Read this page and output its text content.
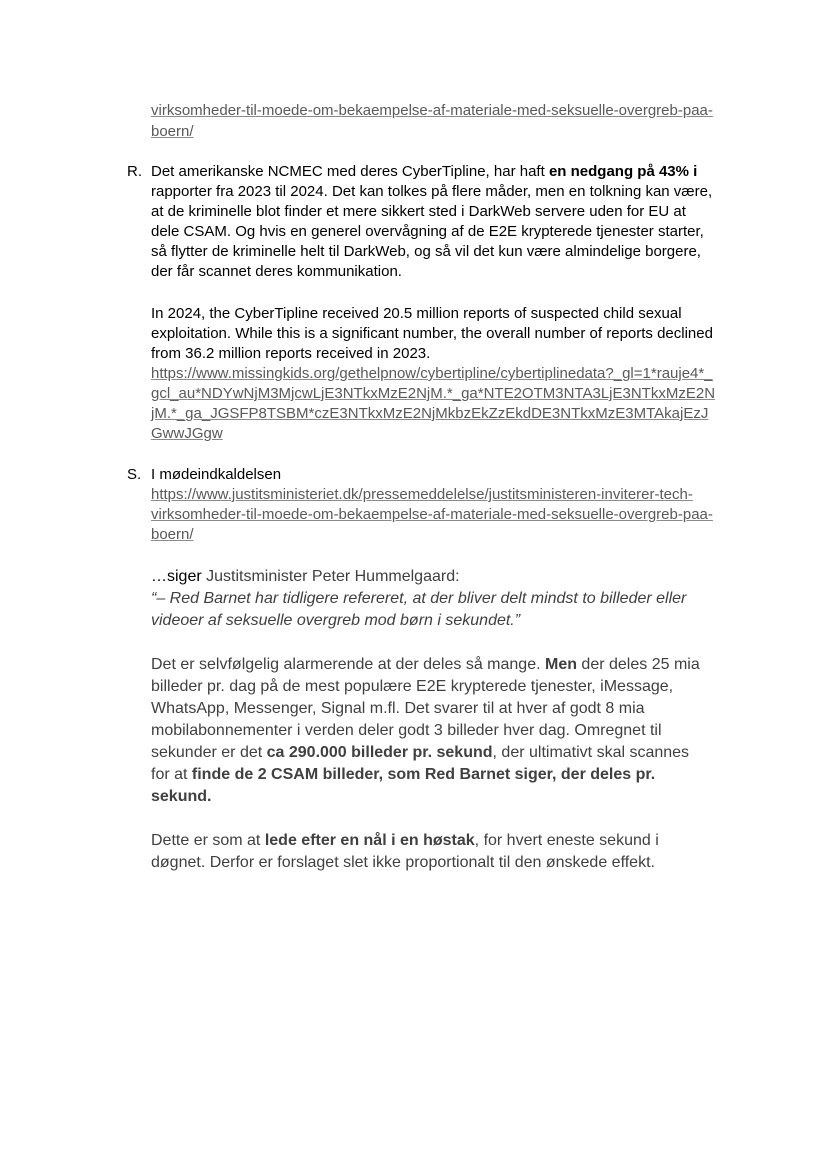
virksomheder-til-moede-om-bekaempelse-af-materiale-med-seksuelle-overgreb-paa-
boern/
R. Det amerikanske NCMEC med deres CyberTipline, har haft en nedgang på 43% i
rapporter fra 2023 til 2024. Det kan tolkes på flere måder, men en tolkning kan være,
at de kriminelle blot finder et mere sikkert sted i DarkWeb servere uden for EU at
dele CSAM. Og hvis en generel overvågning af de E2E krypterede tjenester starter,
så flytter de kriminelle helt til DarkWeb, og så vil det kun være almindelige borgere,
der får scannet deres kommunikation.
In 2024, the CyberTipline received 20.5 million reports of suspected child sexual
exploitation. While this is a significant number, the overall number of reports declined
from 36.2 million reports received in 2023.
https://www.missingkids.org/gethelpnow/cybertipline/cybertiplinedata?_gl=1*rauje4*_
gcl_au*NDYwNjM3MjcwLjE3NTkxMzE2NjM.*_ga*NTE2OTM3NTA3LjE3NTkxMzE2N
jM.*_ga_JGSFP8TSBM*czE3NTkxMzE2NjMkbzEkZzEkdDE3NTkxMzE3MTAkajEzJ
GwwJGgw
S. I mødeindkaldelsen
https://www.justitsministeriet.dk/pressemeddelelse/justitsministeren-inviterer-tech-
virksomheder-til-moede-om-bekaempelse-af-materiale-med-seksuelle-overgreb-paa-
boern/
…siger Justitsminister Peter Hummelgaard:
“– Red Barnet har tidligere refereret, at der bliver delt mindst to billeder eller
videoer af seksuelle overgreb mod børn i sekundet.”
Det er selvfølgelig alarmerende at der deles så mange. Men der deles 25 mia
billeder pr. dag på de mest populære E2E krypterede tjenester, iMessage,
WhatsApp, Messenger, Signal m.fl. Det svarer til at hver af godt 8 mia
mobilabonnementer i verden deler godt 3 billeder hver dag. Omregnet til
sekunder er det ca 290.000 billeder pr. sekund, der ultimativt skal scannes
for at finde de 2 CSAM billeder, som Red Barnet siger, der deles pr.
sekund.
Dette er som at lede efter en nål i en høstak, for hvert eneste sekund i
døgnet. Derfor er forslaget slet ikke proportionalt til den ønskede effekt.
